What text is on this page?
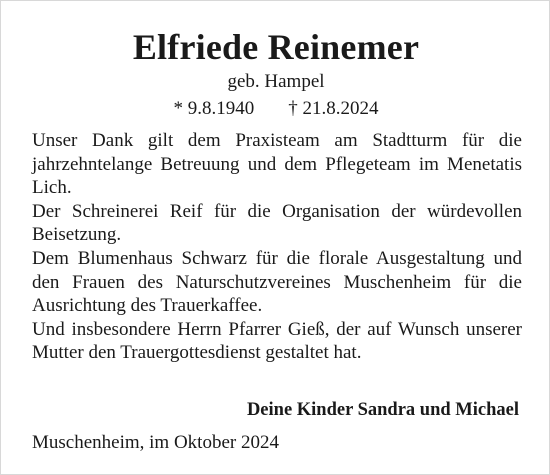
Elfriede Reinemer
geb. Hampel
* 9.8.1940 † 21.8.2024

Unser Dank gilt dem Praxisteam am Stadtturm für die jahrzehntelange Betreuung und dem Pflegeteam im Menetatis Lich.

Der Schreinerei Reif für die Organisation der würdevollen Beisetzung.

Dem Blumenhaus Schwarz für die florale Ausgestaltung und den Frauen des Naturschutzvereines Muschenheim für die Ausrichtung des Trauerkaffee.

Und insbesondere Herrn Pfarrer Gieß, der auf Wunsch unserer Mutter den Trauergottesdienst gestaltet hat.

Deine Kinder Sandra und Michael
Muschenheim, im Oktober 2024
